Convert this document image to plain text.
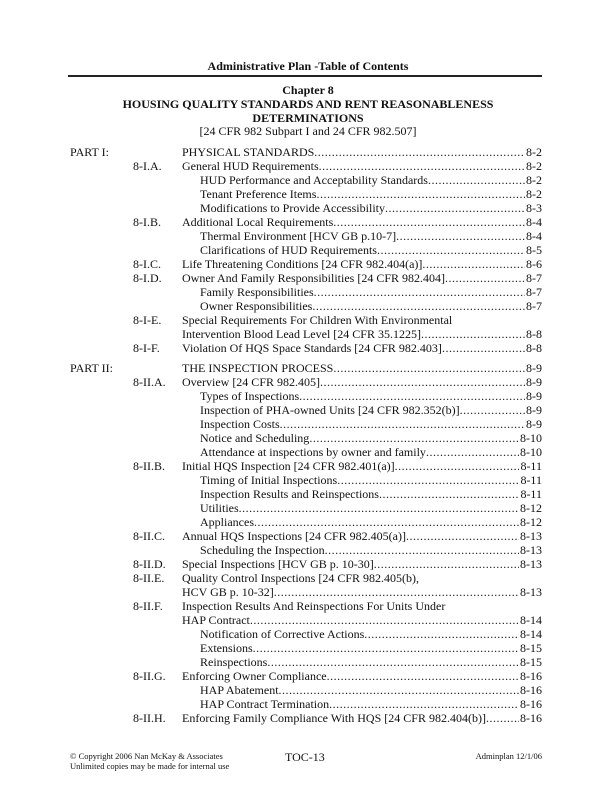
Administrative Plan -Table of Contents
Chapter 8
HOUSING QUALITY STANDARDS AND RENT REASONABLENESS
DETERMINATIONS
[24 CFR 982 Subpart I and 24 CFR 982.507]
PART I:	PHYSICAL STANDARDS .....	8-2
8-I.A. General HUD Requirements .....	8-2
HUD Performance and Acceptability Standards .....	8-2
Tenant Preference Items .....	8-2
Modifications to Provide Accessibility .....	8-3
8-I.B. Additional Local Requirements .....	8-4
Thermal Environment [HCV GB p.10-7] .....	8-4
Clarifications of HUD Requirements .....	8-5
8-I.C. Life Threatening Conditions [24 CFR 982.404(a)] .....	8-6
8-I.D. Owner And Family Responsibilities [24 CFR 982.404] .....	8-7
Family Responsibilities .....	8-7
Owner Responsibilities .....	8-7
8-I-E. Special Requirements For Children With Environmental
Intervention Blood Lead Level [24 CFR 35.1225] .....	8-8
8-I-F. Violation Of HQS Space Standards [24 CFR 982.403] .....	8-8
PART II:	THE INSPECTION PROCESS .....	8-9
8-II.A. Overview [24 CFR 982.405] .....	8-9
Types of Inspections .....	8-9
Inspection of PHA-owned Units [24 CFR 982.352(b)] .....	8-9
Inspection Costs .....	8-9
Notice and Scheduling .....	8-10
Attendance at inspections by owner and family .....	8-10
8-II.B. Initial HQS Inspection [24 CFR 982.401(a)] .....	8-11
Timing of Initial Inspections .....	8-11
Inspection Results and Reinspections .....	8-11
Utilities .....	8-12
Appliances .....	8-12
8-II.C. Annual HQS Inspections [24 CFR 982.405(a)] .....	8-13
Scheduling the Inspection .....	8-13
8-II.D. Special Inspections [HCV GB p. 10-30] .....	8-13
8-II.E. Quality Control Inspections [24 CFR 982.405(b),
HCV GB p. 10-32] .....	8-13
8-II.F. Inspection Results And Reinspections For Units Under
HAP Contract .....	8-14
Notification of Corrective Actions .....	8-14
Extensions .....	8-15
Reinspections .....	8-15
8-II.G. Enforcing Owner Compliance .....	8-16
HAP Abatement .....	8-16
HAP Contract Termination .....	8-16
8-II.H. Enforcing Family Compliance With HQS [24 CFR 982.404(b)] .....	8-16
© Copyright 2006 Nan McKay & Associates
Unlimited copies may be made for internal use
TOC-13	Adminplan 12/1/06
